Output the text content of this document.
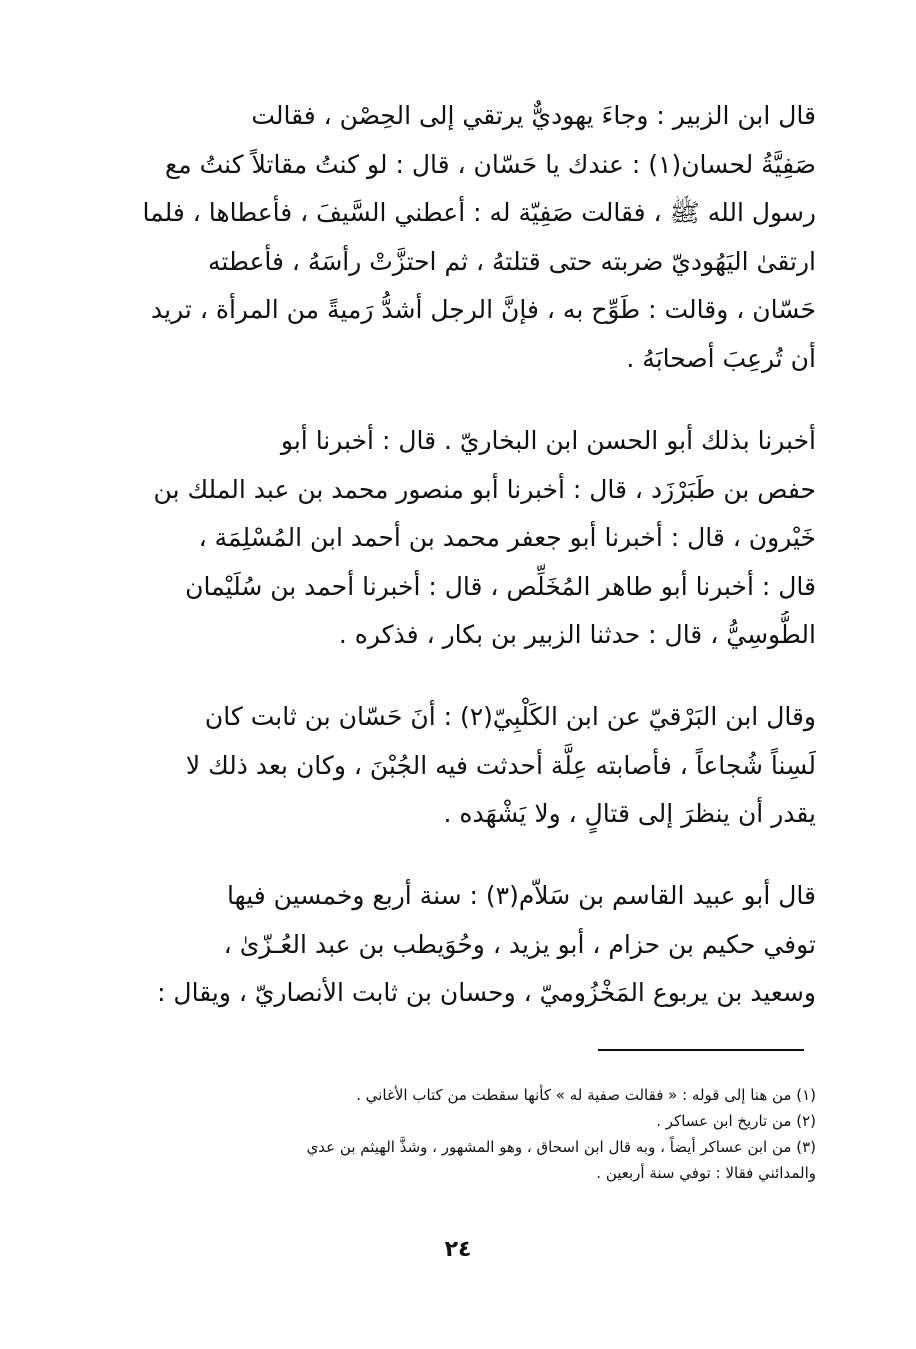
قال ابن الزبير : وجاءَ يهوديٌّ يرتقي إلى الحِصْن ، فقالت
صَفِيَّةُ لحسان(١) : عندك يا حَسّان ، قال : لو كنتُ مقاتلاً كنتُ مع
رسول الله ﷺ ، فقالت صَفِيّة له : أعطني السَّيفَ ، فأعطاها ، فلما
ارتقىٰ اليَهُوديّ ضربته حتى قتلتهُ ، ثم احتزَّتْ رأسَهُ ، فأعطته
حَسّان ، وقالت : طَوِّح به ، فإنَّ الرجل أشدُّ رَميةً من المرأة ، تريد
أن تُرعِبَ أصحابَهُ .
أخبرنا بذلك أبو الحسن ابن البخاريّ . قال : أخبرنا أبو
حفص بن طَبَرْزَد ، قال : أخبرنا أبو منصور محمد بن عبد الملك بن
خَيْرون ، قال : أخبرنا أبو جعفر محمد بن أحمد ابن المُسْلِمَة ،
قال : أخبرنا أبو طاهر المُخَلِّص ، قال : أخبرنا أحمد بن سُلَيْمان
الطُّوسِيُّ ، قال : حدثنا الزبير بن بكار ، فذكره .
وقال ابن البَرْقيّ عن ابن الكَلْبِيّ(٢) : أنَ حَسّان بن ثابت كان
لَسِناً شُجاعاً ، فأصابته عِلَّة أحدثت فيه الجُبْنَ ، وكان بعد ذلك لا
يقدر أن ينظرَ إلى قتالٍ ، ولا يَشْهَده .
قال أبو عبيد القاسم بن سَلاّم(٣) : سنة أربع وخمسين فيها
توفي حكيم بن حزام ، أبو يزيد ، وحُوَيطب بن عبد العُـزّىٰ ،
وسعيد بن يربوع المَخْزُوميّ ، وحسان بن ثابت الأنصاريّ ، ويقال :
(١) من هنا إلى قوله : « فقالت صفية له » كأنها سقطت من كتاب الأغاني .
(٢) من تاريخ ابن عساكر .
(٣) من ابن عساكر أيضاً ، وبه قال ابن اسحاق ، وهو المشهور ، وشذَّ الهيثم بن عدي
والمدائني فقالا : توفي سنة أربعين .
٢٤
